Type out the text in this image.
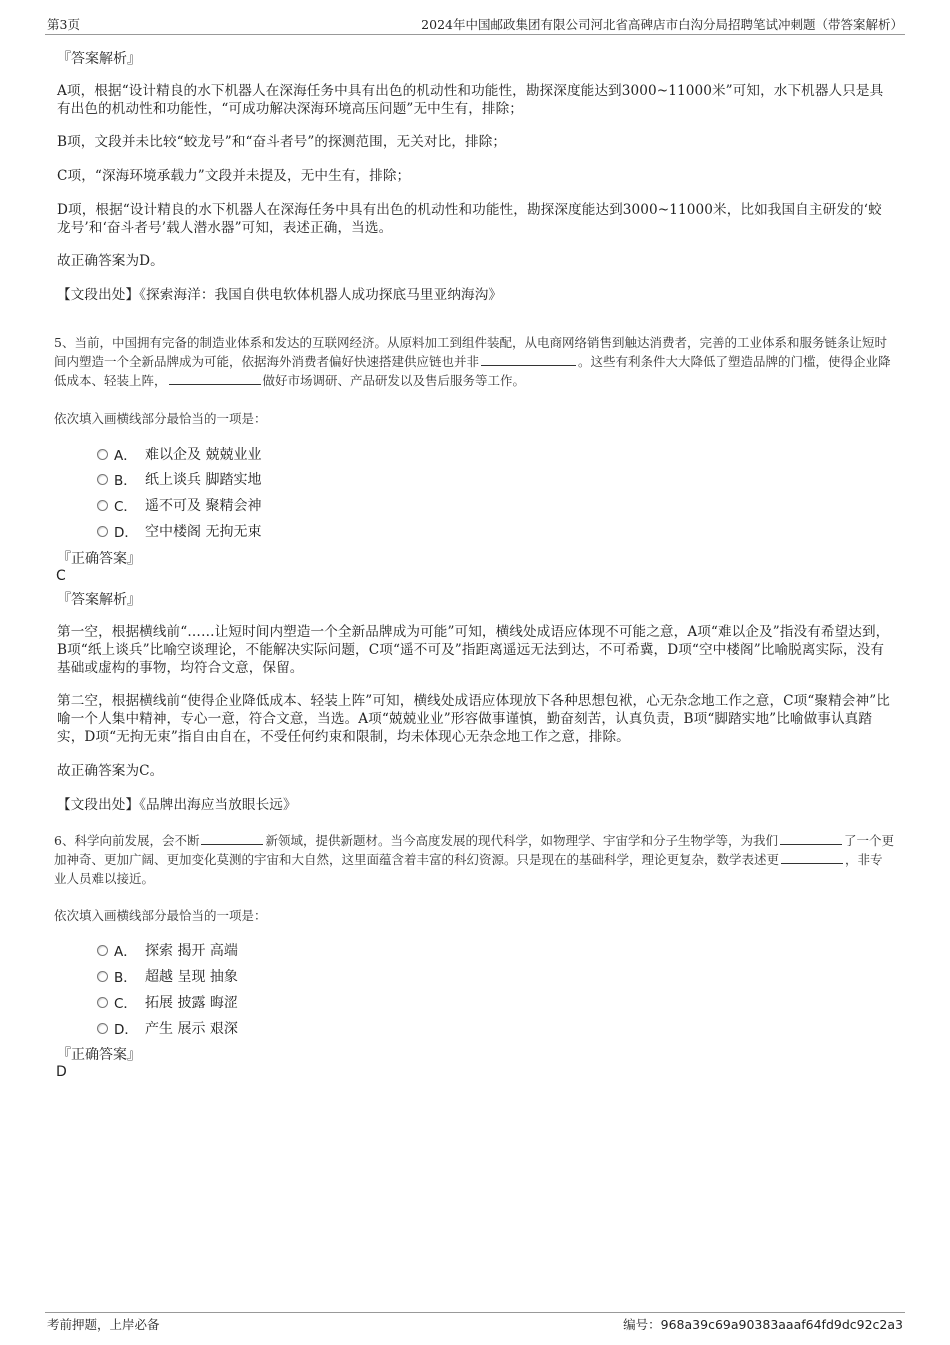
第3页	2024年中国邮政集团有限公司河北省高碑店市白沟分局招聘笔试冲刺题（带答案解析）
『答案解析』
A项，根据“设计精良的水下机器人在深海任务中具有出色的机动性和功能性，勘探深度能达到3000~11000米”可知，水下机器人只是具有出色的机动性和功能性，“可成功解决深海环境高压问题”无中生有，排除；
B项，文段并未比较“蛟龙号”和“奋斗者号”的探测范围，无关对比，排除；
C项，“深海环境承载力”文段并未提及，无中生有，排除；
D项，根据“设计精良的水下机器人在深海任务中具有出色的机动性和功能性，勘探深度能达到3000~11000米，比如我国自主研发的‘蛟龙号’和‘奋斗者号’载人潜水器”可知，表述正确，当选。
故正确答案为D。
【文段出处】《探索海洋：我国自供电软体机器人成功探底马里亚纳海沟》
5、当前，中国拥有完备的制造业体系和发达的互联网经济。从原料加工到组件装配，从电商网络销售到触达消费者，完善的工业体系和服务链条让短时间内塑造一个全新品牌成为可能，依据海外消费者偏好快速搭建供应链也并非	。这些有利条件大大降低了塑造品牌的门槛，使得企业降低成本、轻装上阵，	做好市场调研、产品研发以及售后服务等工作。
依次填入画横线部分最恰当的一项是：
A． 难以企及 兢兢业业
B． 纸上谈兵 脚踏实地
C． 遥不可及 聚精会神
D． 空中楼阁 无拘无束
『正确答案』
C
『答案解析』
第一空，根据横线前“……让短时间内塑造一个全新品牌成为可能”可知，横线处成语应体现不可能之意，A项“难以企及”指没有希望达到，B项“纸上谈兵”比喻空谈理论，不能解决实际问题，C项“遥不可及”指距离遥远无法到达，不可希冀，D项“空中楼阁”比喻脱离实际，没有基础或虚构的事物，均符合文意，保留。
第二空，根据横线前“使得企业降低成本、轻装上阵”可知，横线处成语应体现放下各种思想包袱，心无杂念地工作之意，C项“聚精会神”比喻一个人集中精神，专心一意，符合文意，当选。A项“兢兢业业”形容做事谨慎，勤奋刻苦，认真负责，B项“脚踏实地”比喻做事认真踏实，D项“无拘无束”指自由自在，不受任何约束和限制，均未体现心无杂念地工作之意，排除。
故正确答案为C。
【文段出处】《品牌出海应当放眼长远》
6、科学向前发展，会不断	新领域，提供新题材。当今高度发展的现代科学，如物理学、宇宙学和分子生物学等，为我们	了一个更加神奇、更加广阔、更加变化莫测的宇宙和大自然，这里面蕴含着丰富的科幻资源。只是现在的基础科学，理论更复杂，数学表述更	，非专业人员难以接近。
依次填入画横线部分最恰当的一项是：
A． 探索 揭开 高端
B． 超越 呈现 抽象
C． 拓展 披露 晦涩
D． 产生 展示 艰深
『正确答案』
D
考前押题，上岸必备	编号：968a39c69a90383aaaf64fd9dc92c2a3
